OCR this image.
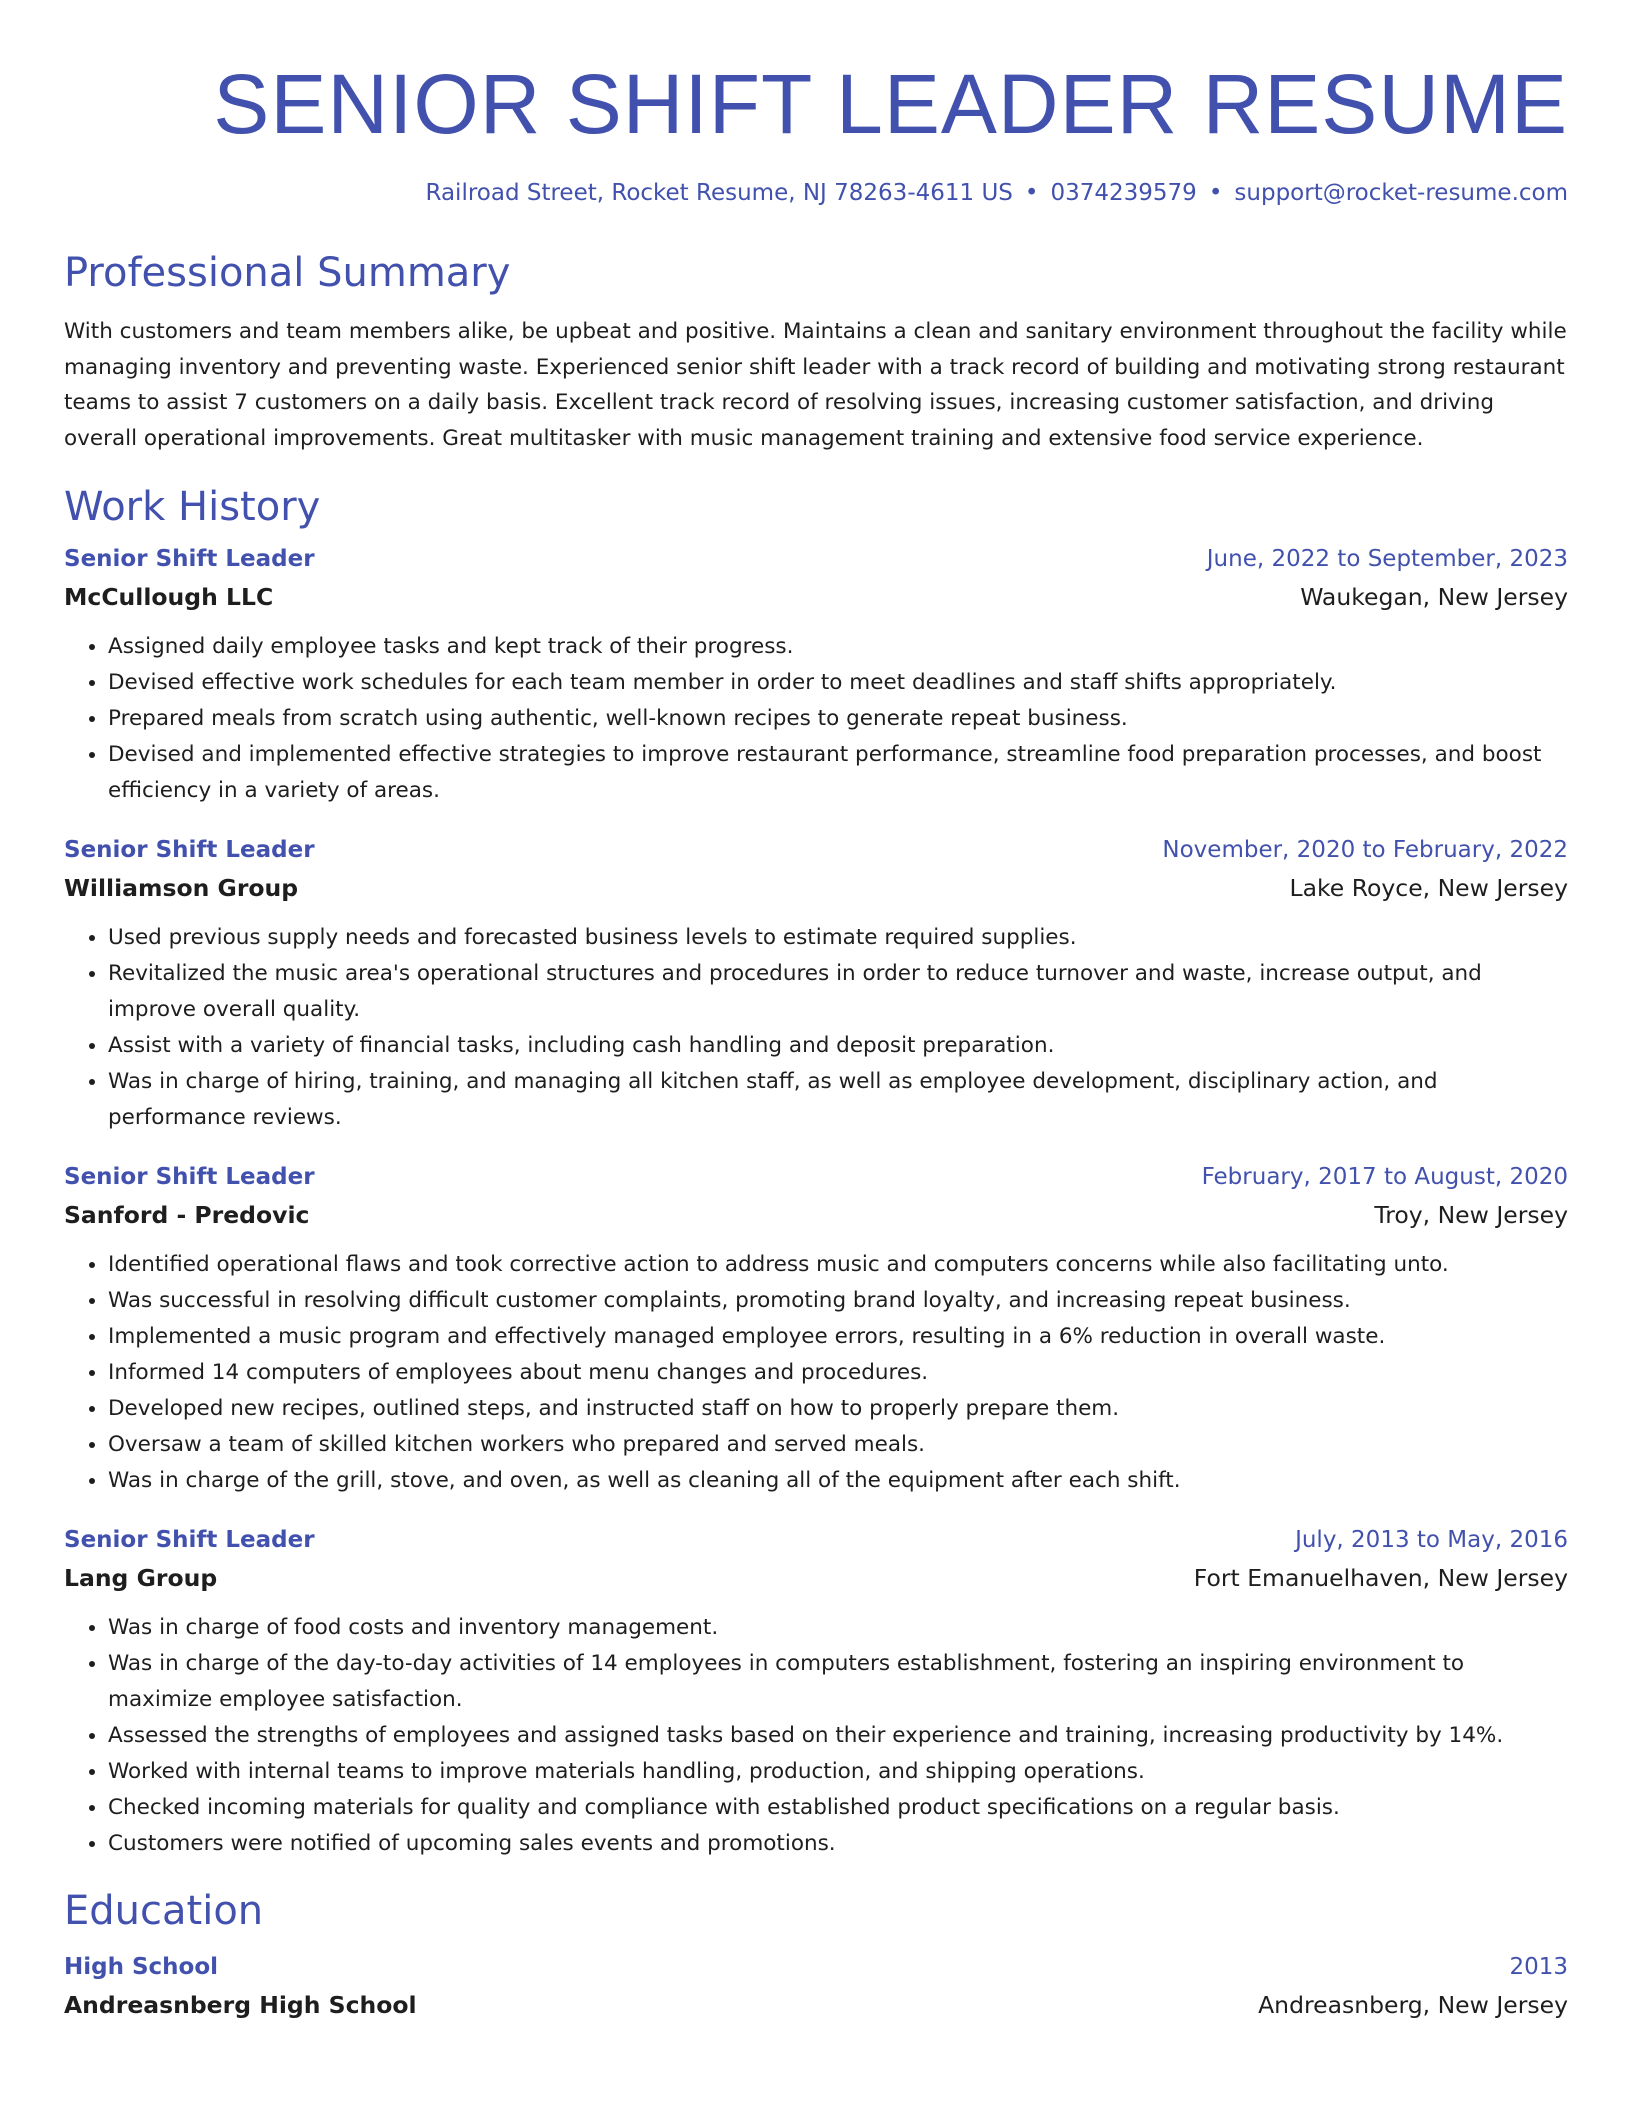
SENIOR SHIFT LEADER RESUME
Railroad Street, Rocket Resume, NJ 78263-4611 US • 0374239579 • support@rocket-resume.com
Professional Summary
With customers and team members alike, be upbeat and positive. Maintains a clean and sanitary environment throughout the facility while managing inventory and preventing waste. Experienced senior shift leader with a track record of building and motivating strong restaurant teams to assist 7 customers on a daily basis. Excellent track record of resolving issues, increasing customer satisfaction, and driving overall operational improvements. Great multitasker with music management training and extensive food service experience.
Work History
Senior Shift Leader	June, 2022 to September, 2023
McCullough LLC	Waukegan, New Jersey
• Assigned daily employee tasks and kept track of their progress.
• Devised effective work schedules for each team member in order to meet deadlines and staff shifts appropriately.
• Prepared meals from scratch using authentic, well-known recipes to generate repeat business.
• Devised and implemented effective strategies to improve restaurant performance, streamline food preparation processes, and boost efficiency in a variety of areas.
Senior Shift Leader	November, 2020 to February, 2022
Williamson Group	Lake Royce, New Jersey
• Used previous supply needs and forecasted business levels to estimate required supplies.
• Revitalized the music area's operational structures and procedures in order to reduce turnover and waste, increase output, and improve overall quality.
• Assist with a variety of financial tasks, including cash handling and deposit preparation.
• Was in charge of hiring, training, and managing all kitchen staff, as well as employee development, disciplinary action, and performance reviews.
Senior Shift Leader	February, 2017 to August, 2020
Sanford - Predovic	Troy, New Jersey
• Identified operational flaws and took corrective action to address music and computers concerns while also facilitating unto.
• Was successful in resolving difficult customer complaints, promoting brand loyalty, and increasing repeat business.
• Implemented a music program and effectively managed employee errors, resulting in a 6% reduction in overall waste.
• Informed 14 computers of employees about menu changes and procedures.
• Developed new recipes, outlined steps, and instructed staff on how to properly prepare them.
• Oversaw a team of skilled kitchen workers who prepared and served meals.
• Was in charge of the grill, stove, and oven, as well as cleaning all of the equipment after each shift.
Senior Shift Leader	July, 2013 to May, 2016
Lang Group	Fort Emanuelhaven, New Jersey
• Was in charge of food costs and inventory management.
• Was in charge of the day-to-day activities of 14 employees in computers establishment, fostering an inspiring environment to maximize employee satisfaction.
• Assessed the strengths of employees and assigned tasks based on their experience and training, increasing productivity by 14%.
• Worked with internal teams to improve materials handling, production, and shipping operations.
• Checked incoming materials for quality and compliance with established product specifications on a regular basis.
• Customers were notified of upcoming sales events and promotions.
Education
High School	2013
Andreasnberg High School	Andreasnberg, New Jersey
